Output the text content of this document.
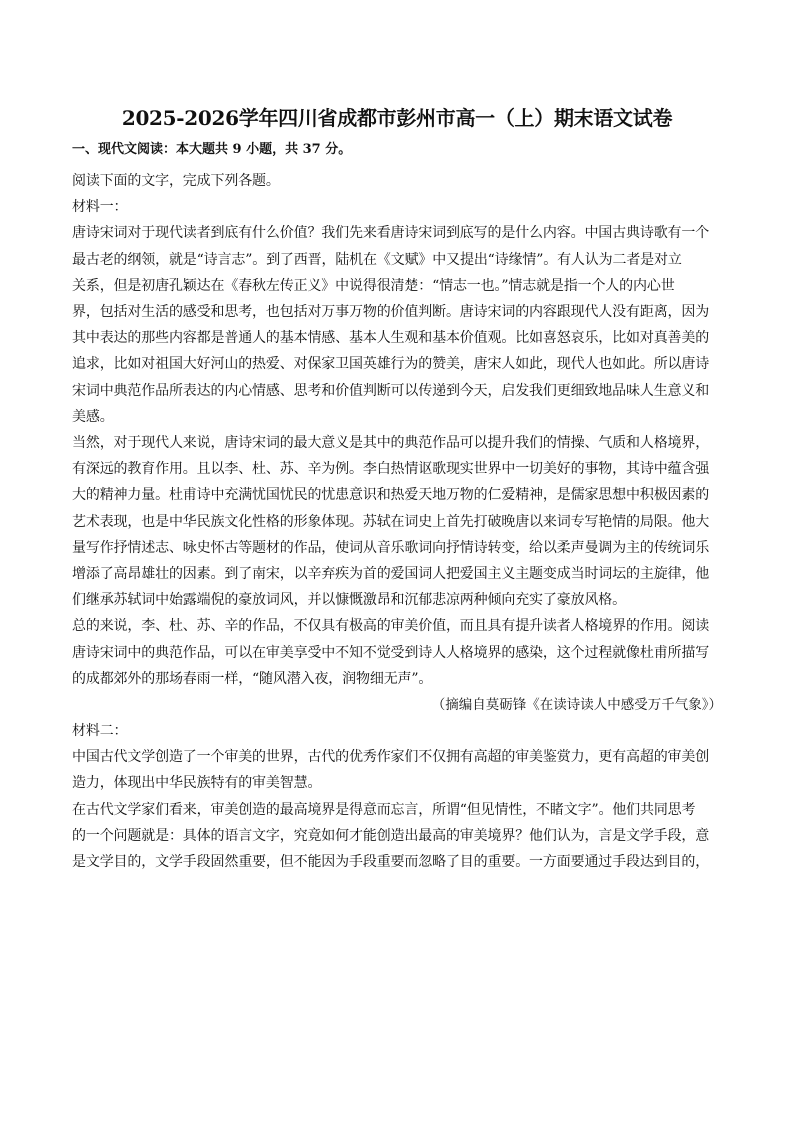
2025-2026学年四川省成都市彭州市高一（上）期末语文试卷
一、现代文阅读：本大题共 9 小题，共 37 分。
阅读下面的文字，完成下列各题。
材料一：
唐诗宋词对于现代读者到底有什么价值？我们先来看唐诗宋词到底写的是什么内容。中国古典诗歌有一个
最古老的纲领，就是“诗言志”。到了西晋，陆机在《文赋》中又提出“诗缘情”。有人认为二者是对立
关系，但是初唐孔颖达在《春秋左传正义》中说得很清楚：“情志一也。”情志就是指一个人的内心世
界，包括对生活的感受和思考，也包括对万事万物的价值判断。唐诗宋词的内容跟现代人没有距离，因为
其中表达的那些内容都是普通人的基本情感、基本人生观和基本价值观。比如喜怒哀乐，比如对真善美的
追求，比如对祖国大好河山的热爱、对保家卫国英雄行为的赞美，唐宋人如此，现代人也如此。所以唐诗
宋词中典范作品所表达的内心情感、思考和价值判断可以传递到今天，启发我们更细致地品味人生意义和
美感。
当然，对于现代人来说，唐诗宋词的最大意义是其中的典范作品可以提升我们的情操、气质和人格境界，
有深远的教育作用。且以李、杜、苏、辛为例。李白热情讴歌现实世界中一切美好的事物，其诗中蕴含强
大的精神力量。杜甫诗中充满忧国忧民的忧患意识和热爱天地万物的仁爱精神，是儒家思想中积极因素的
艺术表现，也是中华民族文化性格的形象体现。苏轼在词史上首先打破晚唐以来词专写艳情的局限。他大
量写作抒情述志、咏史怀古等题材的作品，使词从音乐歌词向抒情诗转变，给以柔声曼调为主的传统词乐
增添了高昂雄壮的因素。到了南宋，以辛弃疾为首的爱国词人把爱国主义主题变成当时词坛的主旋律，他
们继承苏轼词中始露端倪的豪放词风，并以慷慨激昂和沉郁悲凉两种倾向充实了豪放风格。
总的来说，李、杜、苏、辛的作品，不仅具有极高的审美价值，而且具有提升读者人格境界的作用。阅读
唐诗宋词中的典范作品，可以在审美享受中不知不觉受到诗人人格境界的感染，这个过程就像杜甫所描写
的成都郊外的那场春雨一样，“随风潜入夜，润物细无声”。
（摘编自莫砺锋《在读诗读人中感受万千气象》）
材料二：
中国古代文学创造了一个审美的世界，古代的优秀作家们不仅拥有高超的审美鉴赏力，更有高超的审美创
造力，体现出中华民族特有的审美智慧。
在古代文学家们看来，审美创造的最高境界是得意而忘言，所谓“但见情性，不睹文字”。他们共同思考
的一个问题就是：具体的语言文字，究竟如何才能创造出最高的审美境界？他们认为，言是文学手段，意
是文学目的，文学手段固然重要，但不能因为手段重要而忽略了目的重要。一方面要通过手段达到目的，
